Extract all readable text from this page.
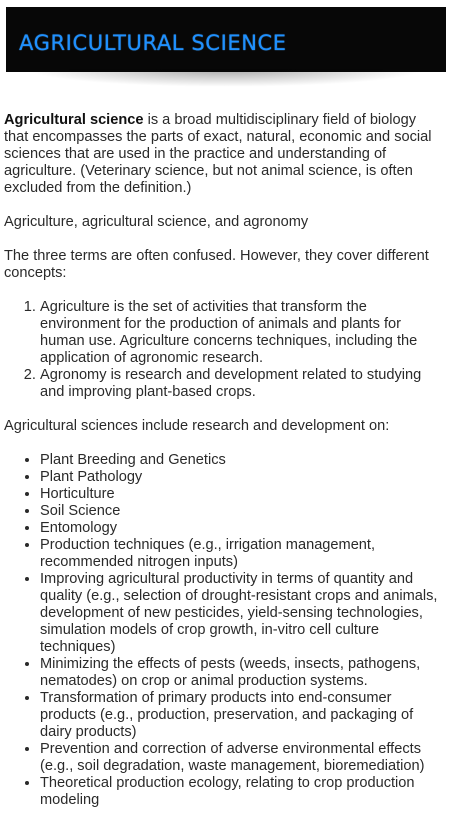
AGRICULTURAL SCIENCE

Agricultural science is a broad multidisciplinary field of biology that encompasses the parts of exact, natural, economic and social sciences that are used in the practice and understanding of agriculture. (Veterinary science, but not animal science, is often excluded from the definition.)

Agriculture, agricultural science, and agronomy

The three terms are often confused. However, they cover different concepts:

1. Agriculture is the set of activities that transform the environment for the production of animals and plants for human use. Agriculture concerns techniques, including the application of agronomic research.
2. Agronomy is research and development related to studying and improving plant-based crops.

Agricultural sciences include research and development on:

• Plant Breeding and Genetics
• Plant Pathology
• Horticulture
• Soil Science
• Entomology
• Production techniques (e.g., irrigation management, recommended nitrogen inputs)
• Improving agricultural productivity in terms of quantity and quality (e.g., selection of drought-resistant crops and animals, development of new pesticides, yield-sensing technologies, simulation models of crop growth, in-vitro cell culture techniques)
• Minimizing the effects of pests (weeds, insects, pathogens, nematodes) on crop or animal production systems.
• Transformation of primary products into end-consumer products (e.g., production, preservation, and packaging of dairy products)
• Prevention and correction of adverse environmental effects (e.g., soil degradation, waste management, bioremediation)
• Theoretical production ecology, relating to crop production modeling
